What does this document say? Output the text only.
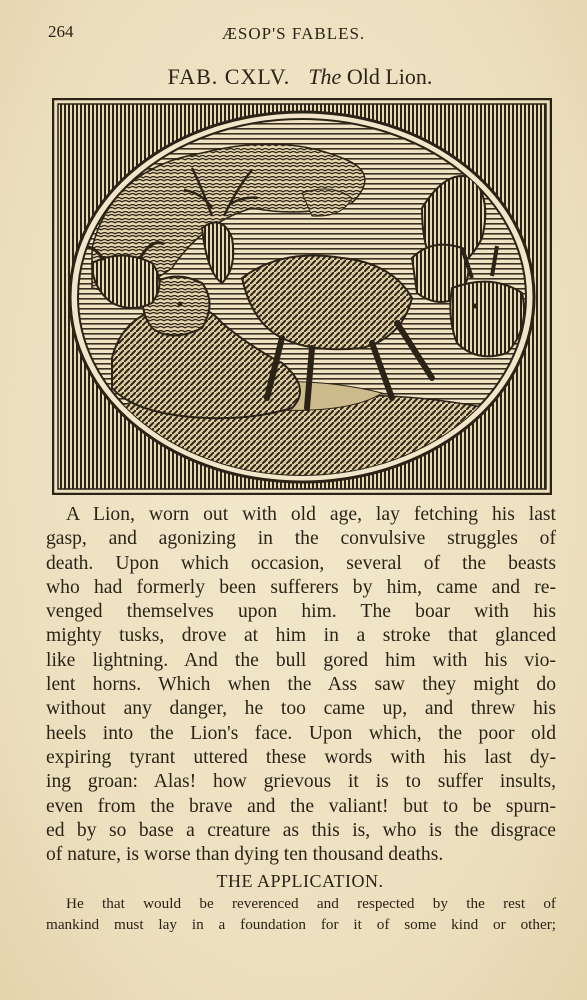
264	ÆSOP'S FABLES.
FAB. CXLV. The Old Lion.
A Lion, worn out with old age, lay fetching his last
gasp, and agonizing in the convulsive struggles of
death. Upon which occasion, several of the beasts
who had formerly been sufferers by him, came and re-
venged themselves upon him. The boar with his
mighty tusks, drove at him in a stroke that glanced
like lightning. And the bull gored him with his vio-
lent horns. Which when the Ass saw they might do
without any danger, he too came up, and threw his
heels into the Lion's face. Upon which, the poor old
expiring tyrant uttered these words with his last dy-
ing groan: Alas! how grievous it is to suffer insults,
even from the brave and the valiant! but to be spurn-
ed by so base a creature as this is, who is the disgrace
of nature, is worse than dying ten thousand deaths.
THE APPLICATION.
He that would be reverenced and respected by the rest of
mankind must lay in a foundation for it of some kind or other;
